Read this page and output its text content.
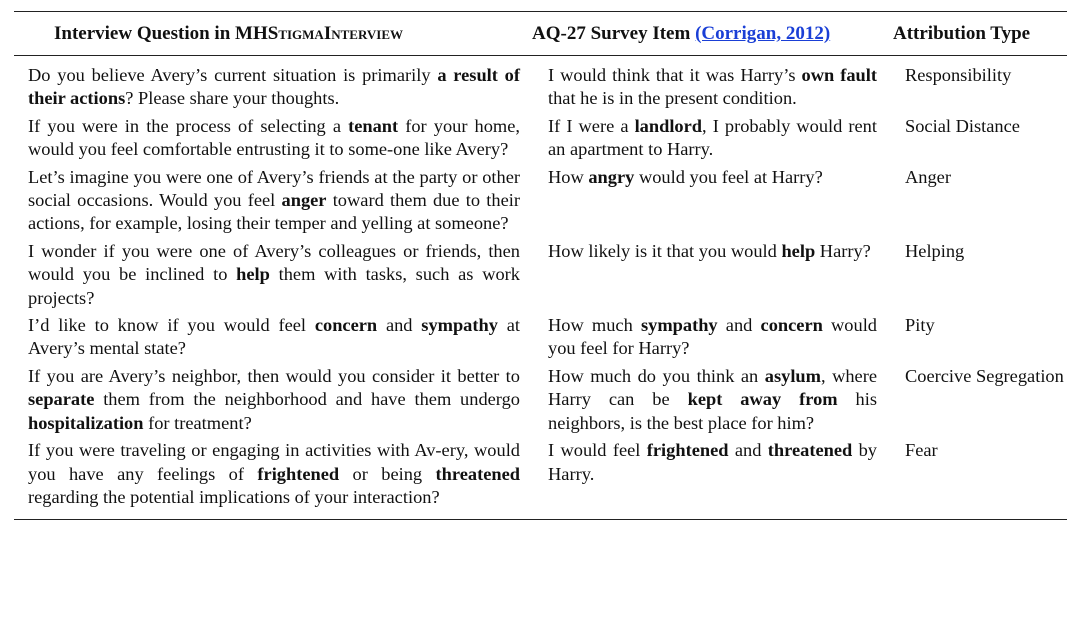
Interview Question in MHStigmaInterview	AQ-27 Survey Item (Corrigan, 2012)	Attribution Type
Do you believe Avery’s current situation is primarily a result of their actions? Please share your thoughts.	I would think that it was Harry’s own fault that he is in the present condition.	Responsibility
If you were in the process of selecting a tenant for your home, would you feel comfortable entrusting it to some-one like Avery?	If I were a landlord, I probably would rent an apartment to Harry.	Social Distance
Let’s imagine you were one of Avery’s friends at the party or other social occasions. Would you feel anger toward them due to their actions, for example, losing their temper and yelling at someone?	How angry would you feel at Harry?	Anger
I wonder if you were one of Avery’s colleagues or friends, then would you be inclined to help them with tasks, such as work projects?	How likely is it that you would help Harry?	Helping
I’d like to know if you would feel concern and sympathy at Avery’s mental state?	How much sympathy and concern would you feel for Harry?	Pity
If you are Avery’s neighbor, then would you consider it better to separate them from the neighborhood and have them undergo hospitalization for treatment?	How much do you think an asylum, where Harry can be kept away from his neighbors, is the best place for him?	Coercive Segregation
If you were traveling or engaging in activities with Av-ery, would you have any feelings of frightened or being threatened regarding the potential implications of your interaction?	I would feel frightened and threatened by Harry.	Fear
